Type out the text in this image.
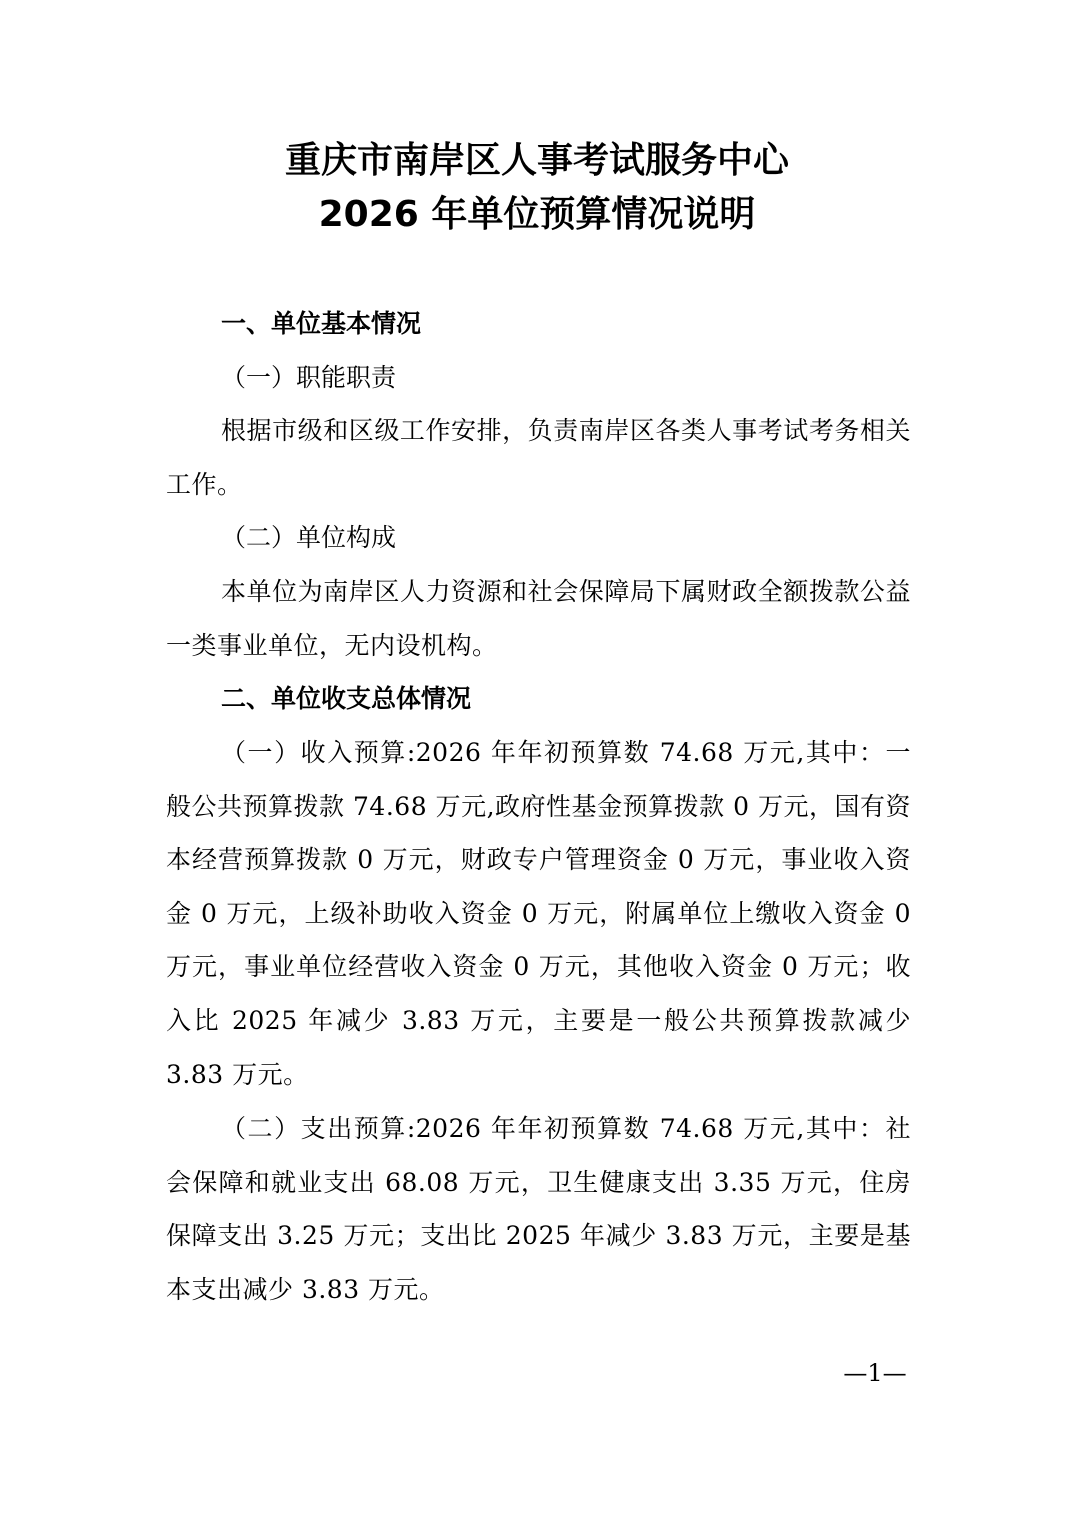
重庆市南岸区人事考试服务中心
2026 年单位预算情况说明
一、单位基本情况
（一）职能职责

根据市级和区级工作安排，负责南岸区各类人事考试考务相关工作。

（二）单位构成

本单位为南岸区人力资源和社会保障局下属财政全额拨款公益一类事业单位，无内设机构。

二、单位收支总体情况

（一）收入预算:2026 年年初预算数 74.68 万元,其中：一般公共预算拨款 74.68 万元,政府性基金预算拨款 0 万元，国有资本经营预算拨款 0 万元，财政专户管理资金 0 万元，事业收入资金 0 万元，上级补助收入资金 0 万元，附属单位上缴收入资金 0 万元，事业单位经营收入资金 0 万元，其他收入资金 0 万元；收入比 2025 年减少 3.83 万元，主要是一般公共预算拨款减少 3.83 万元。

（二）支出预算:2026 年年初预算数 74.68 万元,其中：社会保障和就业支出 68.08 万元，卫生健康支出 3.35 万元，住房保障支出 3.25 万元；支出比 2025 年减少 3.83 万元，主要是基本支出减少 3.83 万元。

—1—
